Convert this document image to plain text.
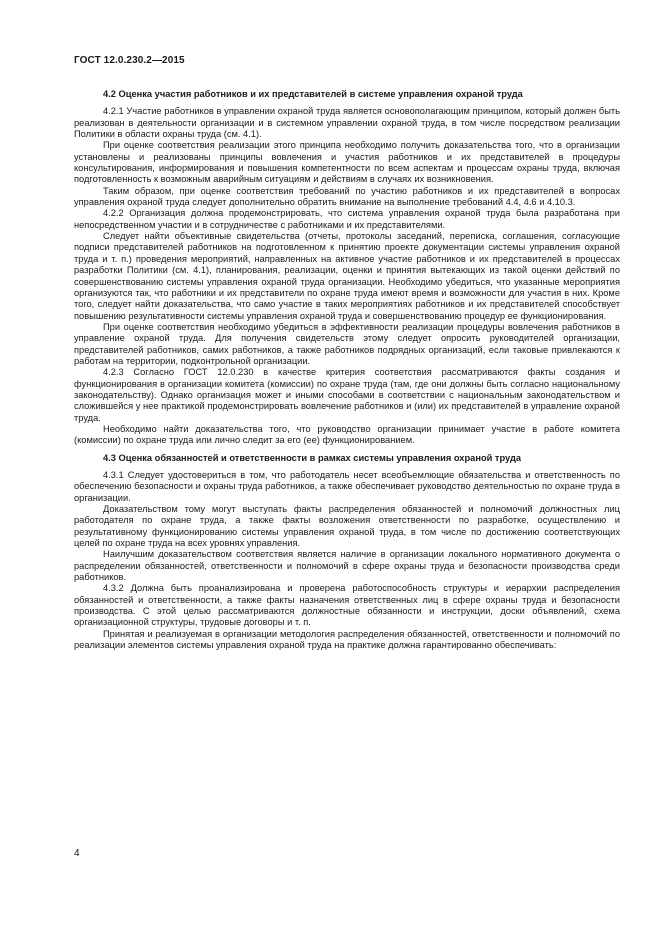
ГОСТ 12.0.230.2—2015
4.2 Оценка участия работников и их представителей в системе управления охраной труда

4.2.1 Участие работников в управлении охраной труда является основополагающим принципом, который должен быть реализован в деятельности организации и в системном управлении охраной труда, в том числе посредством реализации Политики в области охраны труда (см. 4.1).

При оценке соответствия реализации этого принципа необходимо получить доказательства того, что в организации установлены и реализованы принципы вовлечения и участия работников и их представителей в процедуры консультирования, информирования и повышения компетентности по всем аспектам и процессам охраны труда, включая подготовленность к возможным аварийным ситуациям и действиям в случаях их возникновения.

Таким образом, при оценке соответствия требований по участию работников и их представителей в вопросах управления охраной труда следует дополнительно обратить внимание на выполнение требований 4.4, 4.6 и 4.10.3.

4.2.2 Организация должна продемонстрировать, что система управления охраной труда была разработана при непосредственном участии и в сотрудничестве с работниками и их представителями.

Следует найти объективные свидетельства (отчеты, протоколы заседаний, переписка, соглашения, согласующие подписи представителей работников на подготовленном к принятию проекте документации системы управления охраной труда и т. п.) проведения мероприятий, направленных на активное участие работников и их представителей в процессах разработки Политики (см. 4.1), планирования, реализации, оценки и принятия вытекающих из такой оценки действий по совершенствованию системы управления охраной труда организации. Необходимо убедиться, что указанные мероприятия организуются так, что работники и их представители по охране труда имеют время и возможности для участия в них. Кроме того, следует найти доказательства, что само участие в таких мероприятиях работников и их представителей способствует повышению результативности системы управления охраной труда и совершенствованию процедур ее функционирования.

При оценке соответствия необходимо убедиться в эффективности реализации процедуры вовлечения работников в управление охраной труда. Для получения свидетельств этому следует опросить руководителей организации, представителей работников, самих работников, а также работников подрядных организаций, если таковые привлекаются к работам на территории, подконтрольной организации.

4.2.3 Согласно ГОСТ 12.0.230 в качестве критерия соответствия рассматриваются факты создания и функционирования в организации комитета (комиссии) по охране труда (там, где они должны быть согласно национальному законодательству). Однако организация может и иными способами в соответствии с национальным законодательством и сложившейся у нее практикой продемонстрировать вовлечение работников и (или) их представителей в управление охраной труда.

Необходимо найти доказательства того, что руководство организации принимает участие в работе комитета (комиссии) по охране труда или лично следит за его (ее) функционированием.

4.3 Оценка обязанностей и ответственности в рамках системы управления охраной труда

4.3.1 Следует удостовериться в том, что работодатель несет всеобъемлющие обязательства и ответственность по обеспечению безопасности и охраны труда работников, а также обеспечивает руководство деятельностью по охране труда в организации.

Доказательством тому могут выступать факты распределения обязанностей и полномочий должностных лиц работодателя по охране труда, а также факты возложения ответственности по разработке, осуществлению и результативному функционированию системы управления охраной труда, в том числе по достижению соответствующих целей по охране труда на всех уровнях управления.

Наилучшим доказательством соответствия является наличие в организации локального нормативного документа о распределении обязанностей, ответственности и полномочий в сфере охраны труда и безопасности производства среди работников.

4.3.2 Должна быть проанализирована и проверена работоспособность структуры и иерархии распределения обязанностей и ответственности, а также факты назначения ответственных лиц в сфере охраны труда и безопасности производства. С этой целью рассматриваются должностные обязанности и инструкции, доски объявлений, схема организационной структуры, трудовые договоры и т. п.

Принятая и реализуемая в организации методология распределения обязанностей, ответственности и полномочий по реализации элементов системы управления охраной труда на практике должна гарантированно обеспечивать:

4
